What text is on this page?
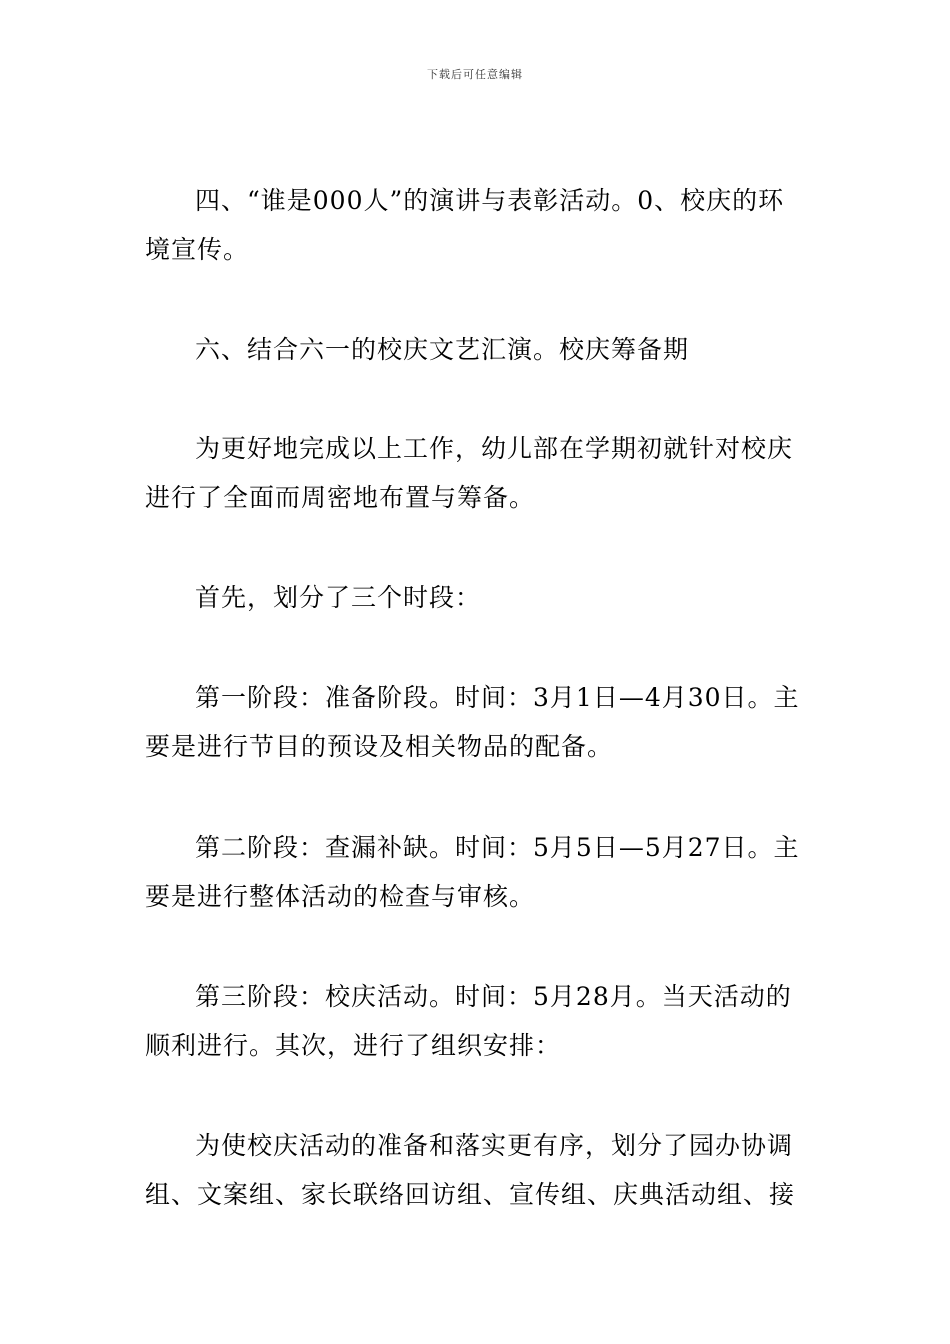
下载后可任意编辑

四、“谁是000人”的演讲与表彰活动。0、校庆的环境宣传。

六、结合六一的校庆文艺汇演。校庆筹备期

为更好地完成以上工作，幼儿部在学期初就针对校庆进行了全面而周密地布置与筹备。

首先，划分了三个时段：

第一阶段：准备阶段。时间：3月1日—4月30日。主要是进行节目的预设及相关物品的配备。

第二阶段：查漏补缺。时间：5月5日—5月27日。主要是进行整体活动的检查与审核。

第三阶段：校庆活动。时间：5月28月。当天活动的顺利进行。其次，进行了组织安排：

为使校庆活动的准备和落实更有序，划分了园办协调组、文案组、家长联络回访组、宣传组、庆典活动组、接
